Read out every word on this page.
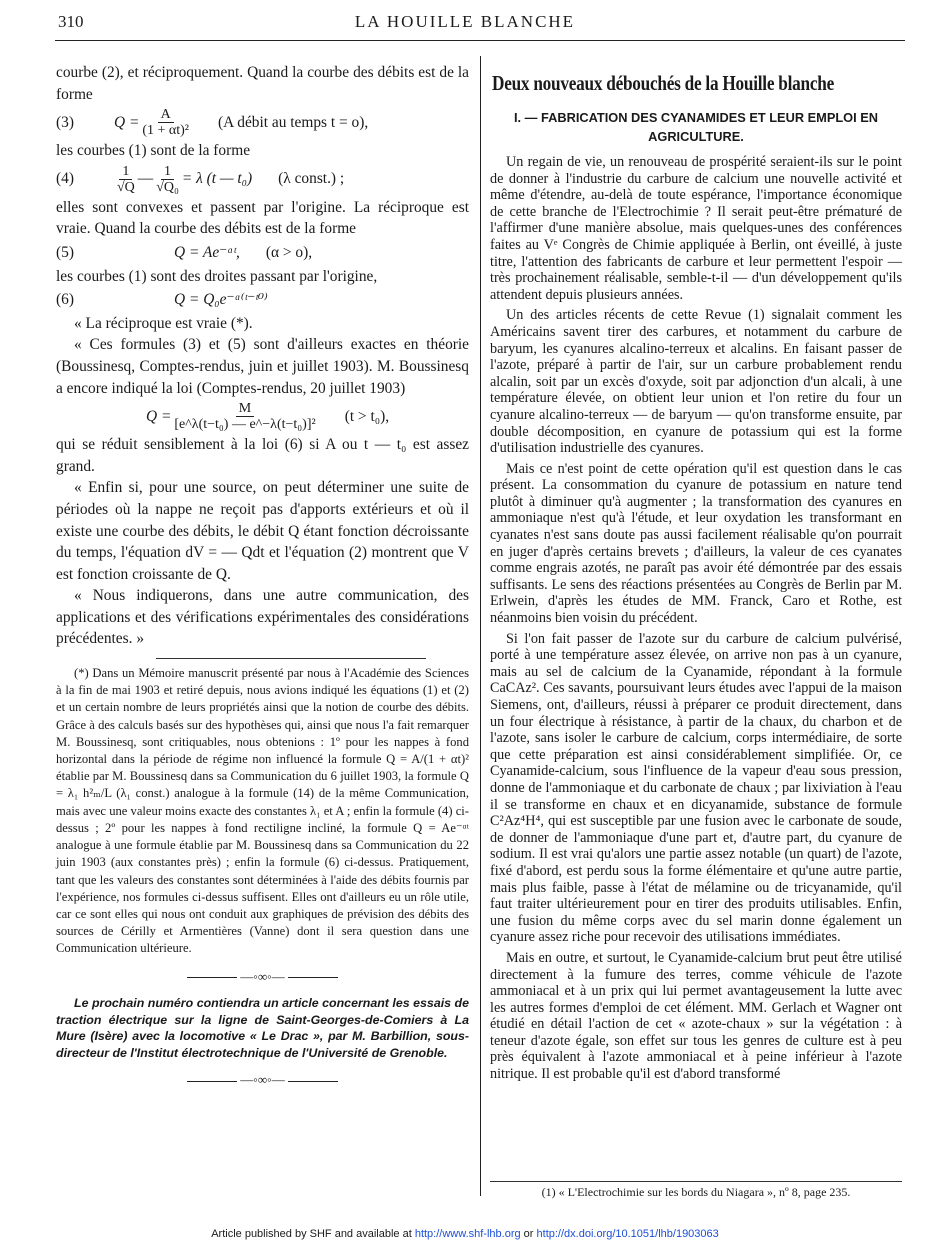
310	LA HOUILLE BLANCHE

courbe (2), et réciproquement. Quand la courbe des débits est de la forme

(3)	$Q = \frac{A}{\text{(1 + αt)²}} (A$ débit au temps t = o),

les courbes (1) sont de la forme

(4)	$\frac{1}{√Q}$ — $\frac{1}{\text{√Q₀}} = \lambda$ (t — t₀) (λ const.) ;

elles sont convexes et passent par l'origine. La réciproque est vraie. Quand la courbe des débits est de la forme

(5)	Q = Ae⁻ᵅᵗ, (α > o),

les courbes (1) sont des droites passant par l'origine,

(6)	Q = Q₀e⁻ᵅ⁽ᵗ⁻ᵗ⁰⁾

« La réciproque est vraie (*).

« Ces formules (3) et (5) sont d'ailleurs exactes en théorie (Boussinesq, Comptes-rendus, juin et juillet 1903). M. Boussinesq a encore indiqué la loi (Comptes-rendus, 20 juillet 1903)

$Q = \frac{M}{\text{[e\textasciicircum{}λ(t−t₀) — e\textasciicircum{}−λ(t−t₀)]²}} (t > t_0)$,

qui se réduit sensiblement à la loi (6) si A ou t — t₀ est assez grand.

« Enfin si, pour une source, on peut déterminer une suite de périodes où la nappe ne reçoit pas d'apports extérieurs et où il existe une courbe des débits, le débit Q étant fonction décroissante du temps, l'équation dV = — Qdt et l'équation (2) montrent que V est fonction croissante de Q.

« Nous indiquerons, dans une autre communication, des applications et des vérifications expérimentales des considérations précédentes. »

(*) Dans un Mémoire manuscrit présenté par nous à l'Académie des Sciences à la fin de mai 1903 et retiré depuis, nous avions indiqué les équations (1) et (2) et un certain nombre de leurs propriétés ainsi que la notion de courbe des débits. Grâce à des calculs basés sur des hypothèses qui, ainsi que nous l'a fait remarquer M. Boussinesq, sont critiquables, nous obtenions : 1º pour les nappes à fond horizontal dans la période de régime non influencé la formule Q = A/(1 + αt)² établie par M. Boussinesq dans sa Communication du 6 juillet 1903, la formule Q = λ₁ h²ₘ/L (λ₁ const.) analogue à la formule (14) de la même Communication, mais avec une valeur moins exacte des constantes λ₁ et A ; enfin la formule (4) ci-dessus ; 2º pour les nappes à fond rectiligne incliné, la formule Q = Ae⁻ᵅᵗ analogue à une formule établie par M. Boussinesq dans sa Communication du 22 juin 1903 (aux constantes près) ; enfin la formule (6) ci-dessus. Pratiquement, tant que les valeurs des constantes sont déterminées à l'aide des débits fournis par l'expérience, nos formules ci-dessus suffisent. Elles ont d'ailleurs eu un rôle utile, car ce sont elles qui nous ont conduit aux graphiques de prévision des débits des sources de Cérilly et Armentières (Vanne) dont il sera question dans une Communication ultérieure.

—◦∞◦—

Le prochain numéro contiendra un article concernant les essais de traction électrique sur la ligne de Saint-Georges-de-Comiers à La Mure (Isère) avec la locomotive « Le Drac », par M. Barbillion, sous-directeur de l'Institut électrotechnique de l'Université de Grenoble.

—◦∞◦—
Deux nouveaux débouchés de la Houille blanche
I. — FABRICATION DES CYANAMIDES ET LEUR EMPLOI EN AGRICULTURE.

Un regain de vie, un renouveau de prospérité seraient-ils sur le point de donner à l'industrie du carbure de calcium une nouvelle activité et même d'étendre, au-delà de toute espérance, l'importance économique de cette branche de l'Electrochimie ? Il serait peut-être prématuré de l'affirmer d'une manière absolue, mais quelques-unes des conférences faites au Vᵉ Congrès de Chimie appliquée à Berlin, ont éveillé, à juste titre, l'attention des fabricants de carbure et leur permettent l'espoir — très prochainement réalisable, semble-t-il — d'un développement qu'ils attendent depuis plusieurs années.

Un des articles récents de cette Revue (1) signalait comment les Américains savent tirer des carbures, et notamment du carbure de baryum, les cyanures alcalino-terreux et alcalins. En faisant passer de l'azote, préparé à partir de l'air, sur un carbure probablement rendu alcalin, soit par un excès d'oxyde, soit par adjonction d'un alcali, à une température élevée, on obtient leur union et l'on retire du four un cyanure alcalino-terreux — de baryum — qu'on transforme ensuite, par double décomposition, en cyanure de potassium qui est la forme d'utilisation industrielle des cyanures.

Mais ce n'est point de cette opération qu'il est question dans le cas présent. La consommation du cyanure de potassium en nature tend plutôt à diminuer qu'à augmenter ; la transformation des cyanures en ammoniaque n'est qu'à l'étude, et leur oxydation les transformant en cyanates n'est sans doute pas aussi facilement réalisable qu'on pourrait en juger d'après certains brevets ; d'ailleurs, la valeur de ces cyanates comme engrais azotés, ne paraît pas avoir été démontrée par des essais suffisants. Le sens des réactions présentées au Congrès de Berlin par M. Erlwein, d'après les études de MM. Franck, Caro et Rothe, est néanmoins bien voisin du précédent.

Si l'on fait passer de l'azote sur du carbure de calcium pulvérisé, porté à une température assez élevée, on arrive non pas à un cyanure, mais au sel de calcium de la Cyanamide, répondant à la formule CaCAz². Ces savants, poursuivant leurs études avec l'appui de la maison Siemens, ont, d'ailleurs, réussi à préparer ce produit directement, dans un four électrique à résistance, à partir de la chaux, du charbon et de l'azote, sans isoler le carbure de calcium, corps intermédiaire, de sorte que cette préparation est ainsi considérablement simplifiée. Or, ce Cyanamide-calcium, sous l'influence de la vapeur d'eau sous pression, donne de l'ammoniaque et du carbonate de chaux ; par lixiviation à l'eau il se transforme en chaux et en dicyanamide, substance de formule C²Az⁴H⁴, qui est susceptible par une fusion avec le carbonate de soude, de donner de l'ammoniaque d'une part et, d'autre part, du cyanure de sodium. Il est vrai qu'alors une partie assez notable (un quart) de l'azote, fixé d'abord, est perdu sous la forme élémentaire et qu'une autre partie, mais plus faible, passe à l'état de mélamine ou de tricyanamide, qu'il faut traiter ultérieurement pour en tirer des produits utilisables. Enfin, une fusion du même corps avec du sel marin donne également un cyanure assez riche pour recevoir des utilisations immédiates.

Mais en outre, et surtout, le Cyanamide-calcium brut peut être utilisé directement à la fumure des terres, comme véhicule de l'azote ammoniacal et à un prix qui lui permet avantageusement la lutte avec les autres formes d'emploi de cet élément. MM. Gerlach et Wagner ont étudié en détail l'action de cet « azote-chaux » sur la végétation : à teneur d'azote égale, son effet sur tous les genres de culture est à peu près équivalent à l'azote ammoniacal et à peine inférieur à l'azote nitrique. Il est probable qu'il est d'abord transformé

(1) « L'Electrochimie sur les bords du Niagara », nº 8, page 235.
Article published by SHF and available at http://www.shf-lhb.org or http://dx.doi.org/10.1051/lhb/1903063
